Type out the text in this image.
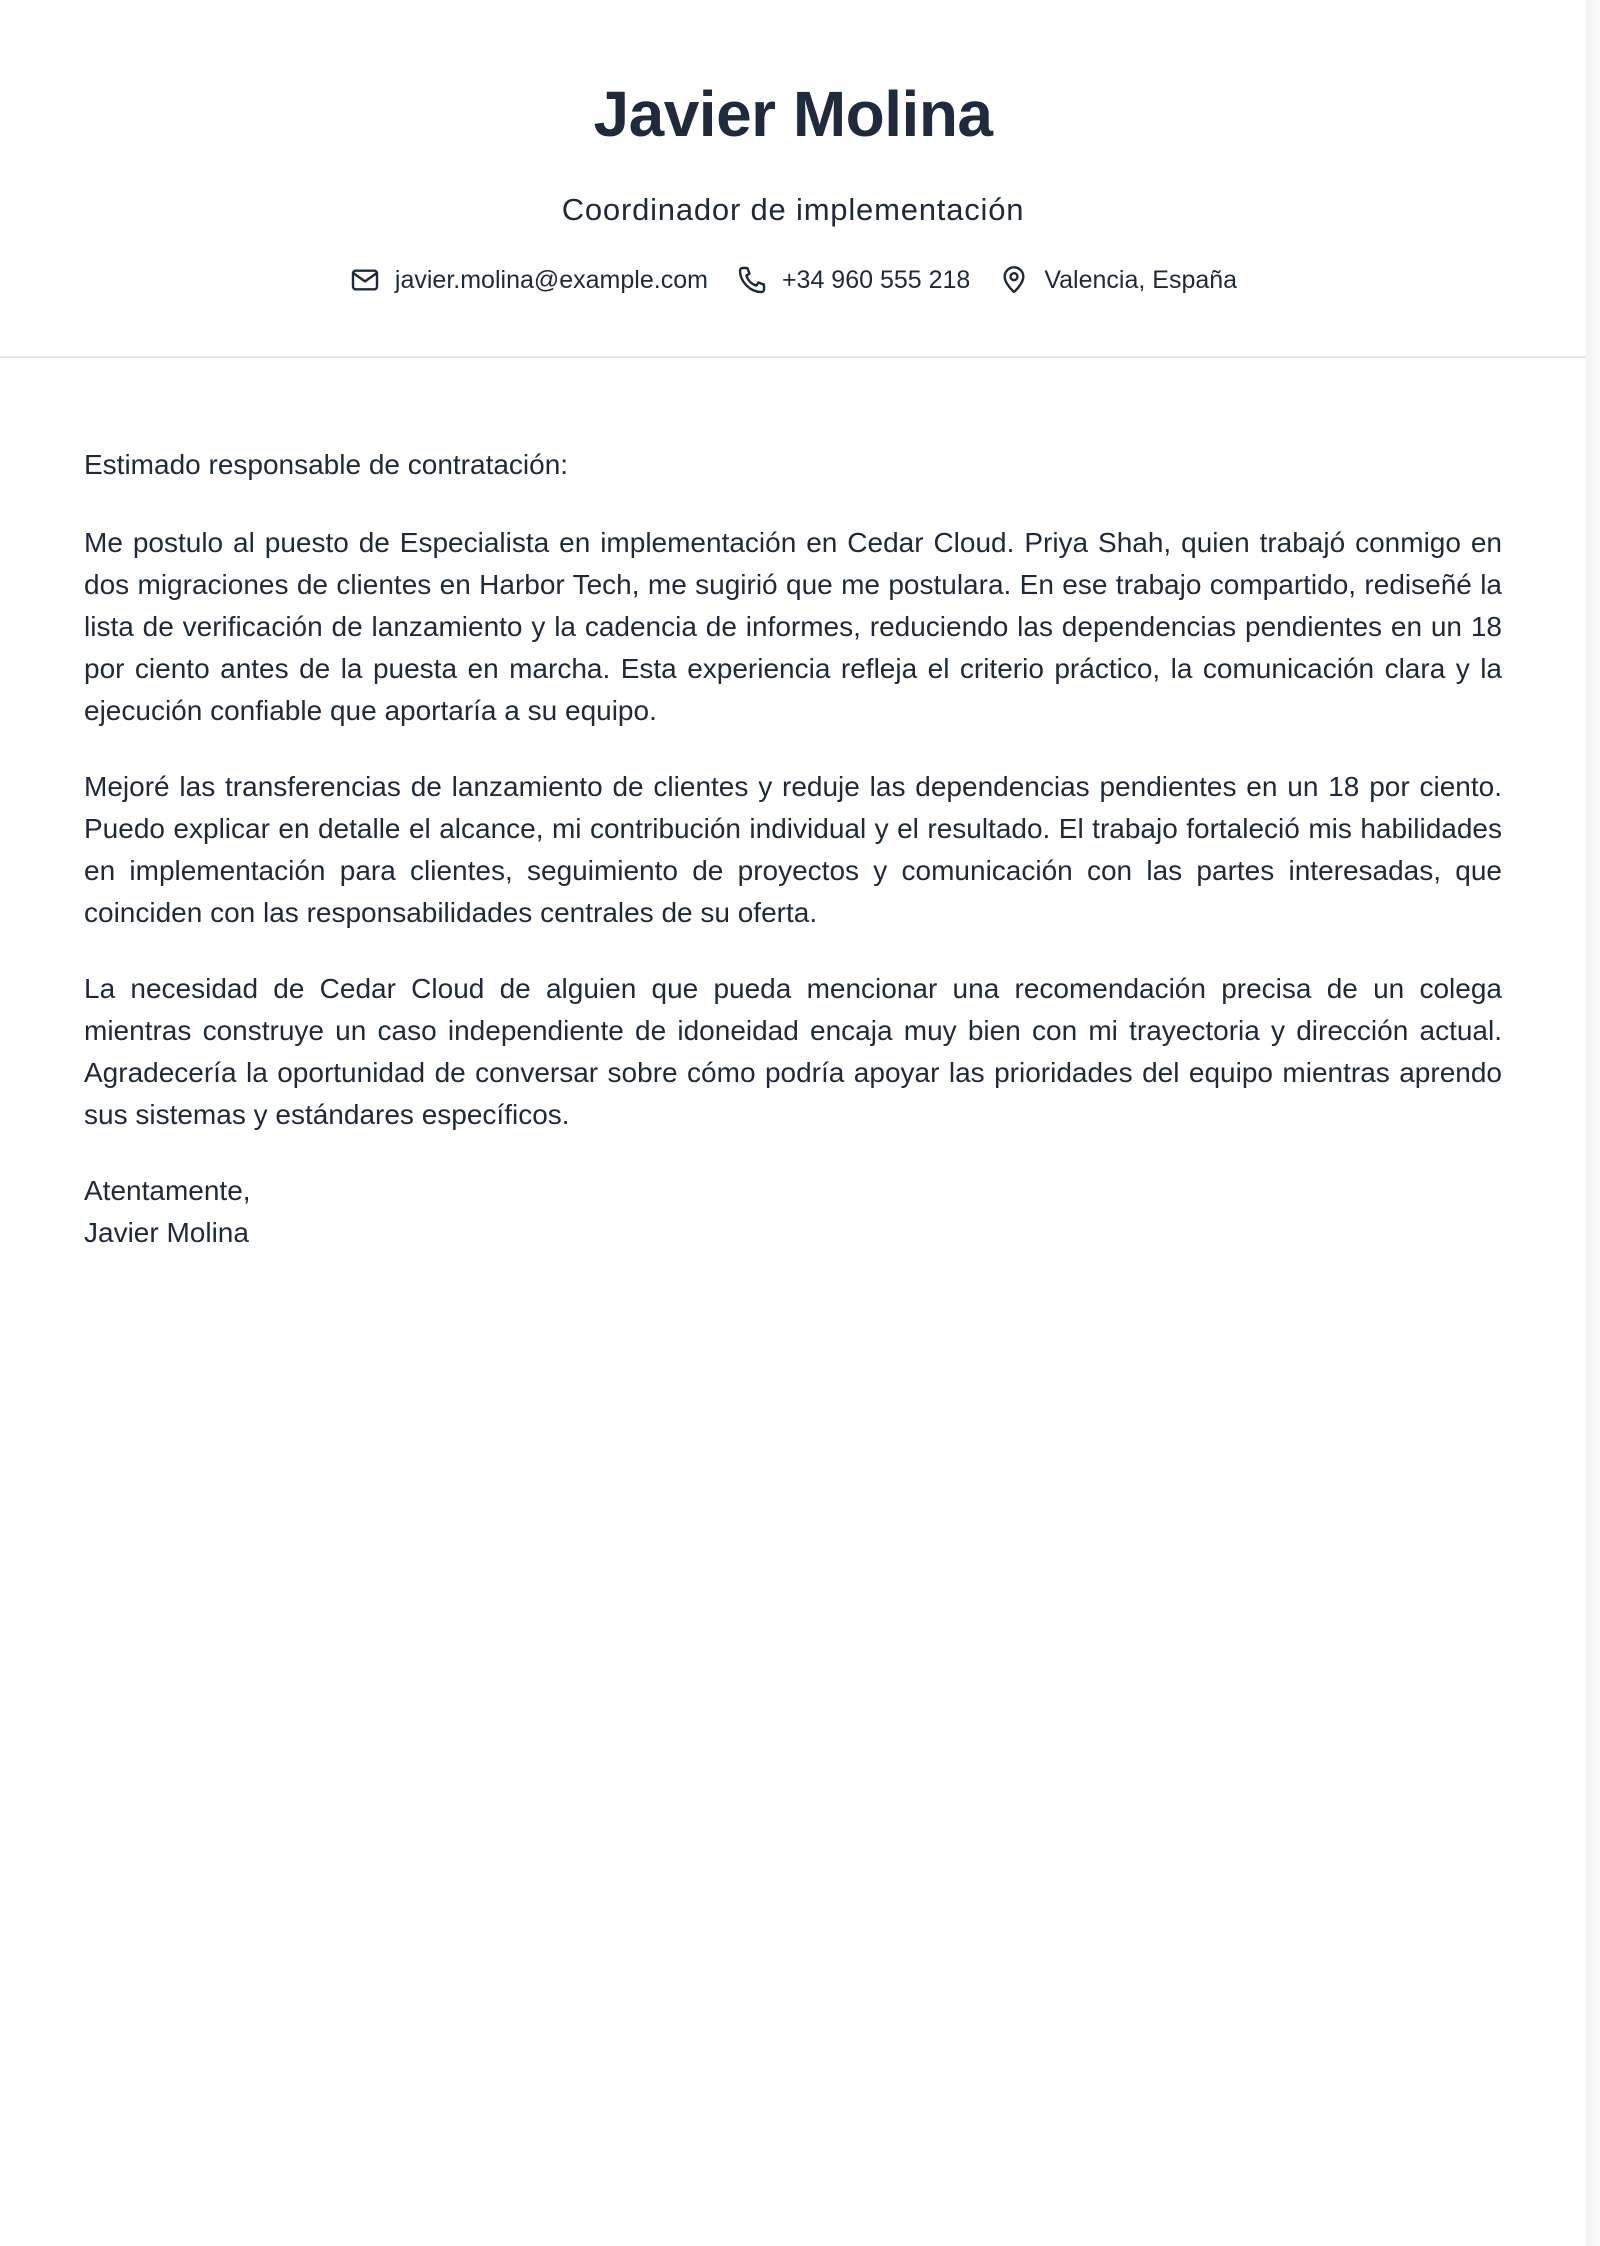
Javier Molina
Coordinador de implementación
javier.molina@example.com	+34 960 555 218	Valencia, España

Estimado responsable de contratación:

Me postulo al puesto de Especialista en implementación en Cedar Cloud. Priya Shah, quien trabajó conmigo en dos migraciones de clientes en Harbor Tech, me sugirió que me postulara. En ese trabajo compartido, rediseñé la lista de verificación de lanzamiento y la cadencia de informes, reduciendo las dependencias pendientes en un 18 por ciento antes de la puesta en marcha. Esta experiencia refleja el criterio práctico, la comunicación clara y la ejecución confiable que aportaría a su equipo.

Mejoré las transferencias de lanzamiento de clientes y reduje las dependencias pendientes en un 18 por ciento. Puedo explicar en detalle el alcance, mi contribución individual y el resultado. El trabajo fortaleció mis habilidades en implementación para clientes, seguimiento de proyectos y comunicación con las partes interesadas, que coinciden con las responsabilidades centrales de su oferta.

La necesidad de Cedar Cloud de alguien que pueda mencionar una recomendación precisa de un colega mientras construye un caso independiente de idoneidad encaja muy bien con mi trayectoria y dirección actual. Agradecería la oportunidad de conversar sobre cómo podría apoyar las prioridades del equipo mientras aprendo sus sistemas y estándares específicos.

Atentamente,
Javier Molina
